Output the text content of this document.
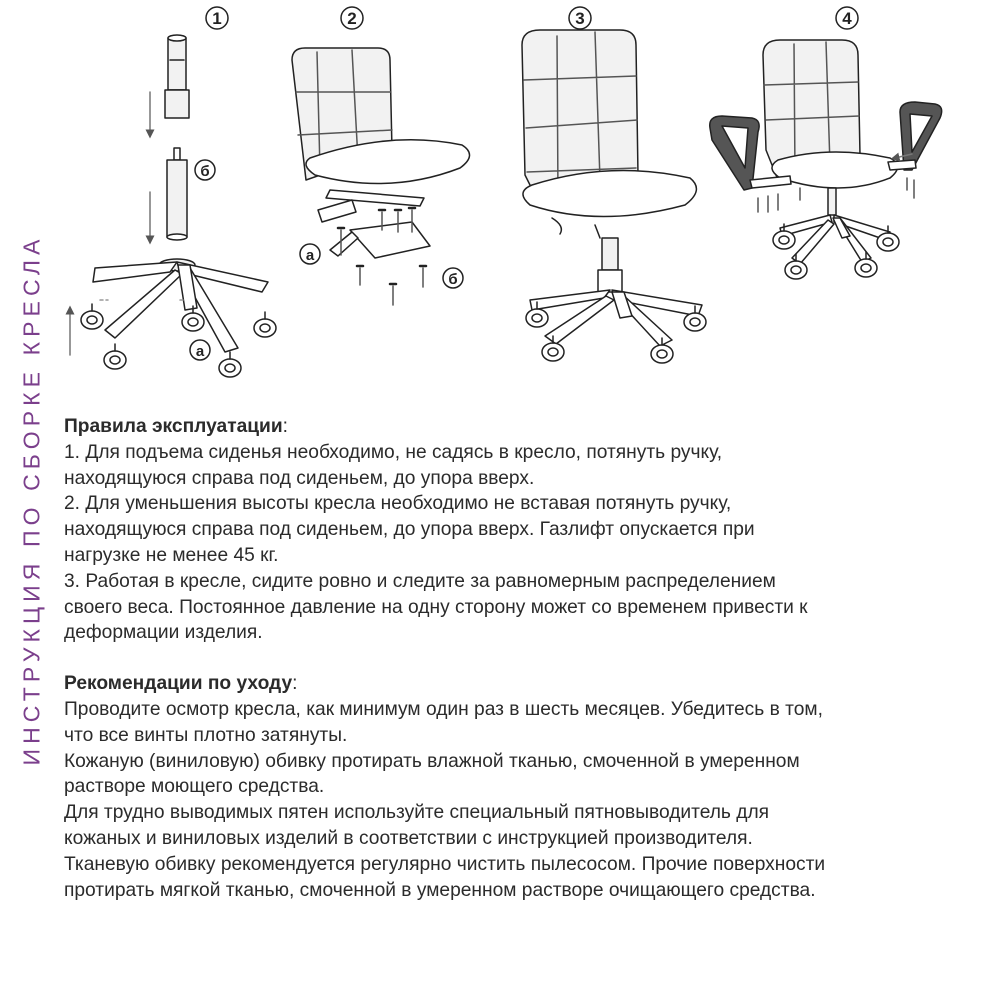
ИНСТРУКЦИЯ ПО СБОРКЕ КРЕСЛА
1	2	3	4
б
а
а
б

Правила эксплуатации:

1. Для подъема сиденья необходимо, не садясь в кресло, потянуть ручку,

находящуюся справа под сиденьем, до упора вверх.

2. Для уменьшения высоты кресла необходимо не вставая потянуть ручку,

находящуюся справа под сиденьем, до упора вверх. Газлифт опускается при

нагрузке не менее 45 кг.

3. Работая в кресле, сидите ровно и следите за равномерным распределением

своего веса. Постоянное давление на одну сторону может со временем привести к

деформации изделия.

Рекомендации по уходу:

Проводите осмотр кресла, как минимум один раз в шесть месяцев. Убедитесь в том,

что все винты плотно затянуты.

Кожаную (виниловую) обивку протирать влажной тканью, смоченной в умеренном

растворе моющего средства.

Для трудно выводимых пятен используйте специальный пятновыводитель для

кожаных и виниловых изделий в соответствии с инструкцией производителя.

Тканевую обивку рекомендуется регулярно чистить пылесосом. Прочие поверхности

протирать мягкой тканью, смоченной в умеренном растворе очищающего средства.
